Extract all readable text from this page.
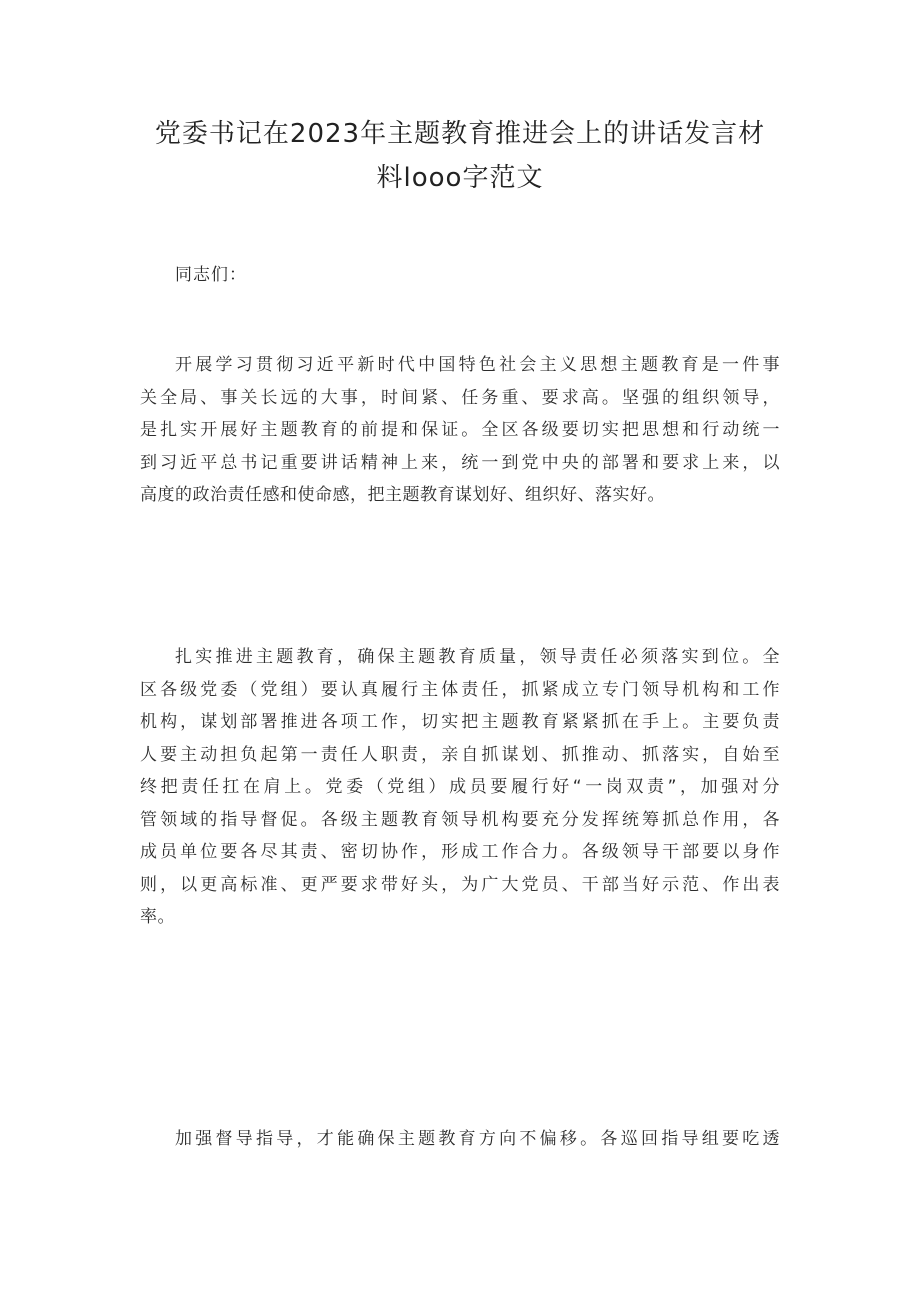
党委书记在2023年主题教育推进会上的讲话发言材
料looo字范文

同志们：

开展学习贯彻习近平新时代中国特色社会主义思想主题教育是一件事
关全局、事关长远的大事，时间紧、任务重、要求高。坚强的组织领导，
是扎实开展好主题教育的前提和保证。全区各级要切实把思想和行动统一
到习近平总书记重要讲话精神上来，统一到党中央的部署和要求上来，以
高度的政治责任感和使命感，把主题教育谋划好、组织好、落实好。
扎实推进主题教育，确保主题教育质量，领导责任必须落实到位。全
区各级党委（党组）要认真履行主体责任，抓紧成立专门领导机构和工作
机构，谋划部署推进各项工作，切实把主题教育紧紧抓在手上。主要负责
人要主动担负起第一责任人职责，亲自抓谋划、抓推动、抓落实，自始至
终把责任扛在肩上。党委（党组）成员要履行好“一岗双责”，加强对分
管领域的指导督促。各级主题教育领导机构要充分发挥统筹抓总作用，各
成员单位要各尽其责、密切协作，形成工作合力。各级领导干部要以身作
则，以更高标准、更严要求带好头，为广大党员、干部当好示范、作出表
率。
加强督导指导，才能确保主题教育方向不偏移。各巡回指导组要吃透
